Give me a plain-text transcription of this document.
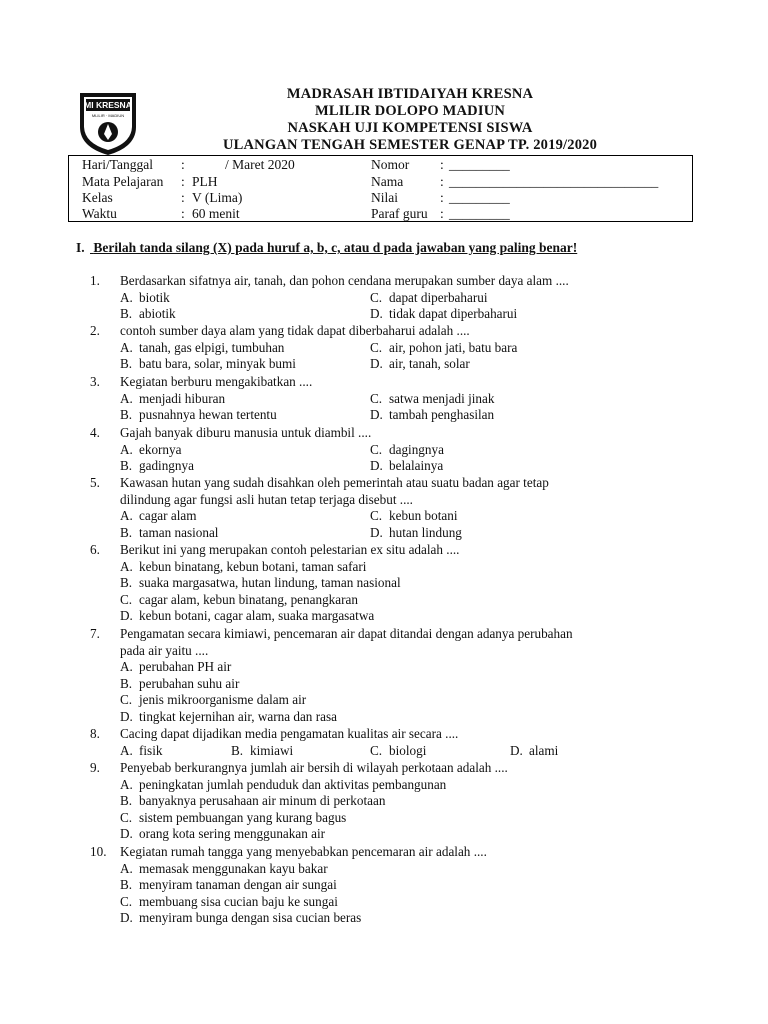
MI KRESNA
MLILIR · MADIUN
MADRASAH IBTIDAIYAH KRESNA
MLILIR DOLOPO MADIUN
NASKAH UJI KOMPETENSI SISWA
ULANGAN TENGAH SEMESTER GENAP TP. 2019/2020
Hari/Tanggal :	/ Maret 2020	Nomor : _________
Mata Pelajaran : PLH	Nama	: _______________________________
Kelas	: V (Lima)	Nilai	: _________
Waktu	: 60 menit	Paraf guru : _________
I. Berilah tanda silang (X) pada huruf a, b, c, atau d pada jawaban yang paling benar!
1.	Berdasarkan sifatnya air, tanah, dan pohon cendana merupakan sumber daya alam ....
A. biotik	C. dapat diperbaharui
B. abiotik	D. tidak dapat diperbaharui
2.	contoh sumber daya alam yang tidak dapat diberbaharui adalah ....
A. tanah, gas elpigi, tumbuhan	C. air, pohon jati, batu bara
B. batu bara, solar, minyak bumi	D. air, tanah, solar
3.	Kegiatan berburu mengakibatkan ....
A. menjadi hiburan	C. satwa menjadi jinak
B. pusnahnya hewan tertentu	D. tambah penghasilan
4.	Gajah banyak diburu manusia untuk diambil ....
A. ekornya	C. dagingnya
B. gadingnya	D. belalainya
5.	Kawasan hutan yang sudah disahkan oleh pemerintah atau suatu badan agar tetap
dilindung agar fungsi asli hutan tetap terjaga disebut ....
A. cagar alam	C. kebun botani
B. taman nasional	D. hutan lindung
6.	Berikut ini yang merupakan contoh pelestarian ex situ adalah ....
A. kebun binatang, kebun botani, taman safari
B. suaka margasatwa, hutan lindung, taman nasional
C. cagar alam, kebun binatang, penangkaran
D. kebun botani, cagar alam, suaka margasatwa
7.	Pengamatan secara kimiawi, pencemaran air dapat ditandai dengan adanya perubahan
pada air yaitu ....
A. perubahan PH air
B. perubahan suhu air
C. jenis mikroorganisme dalam air
D. tingkat kejernihan air, warna dan rasa
8.	Cacing dapat dijadikan media pengamatan kualitas air secara ....
A. fisik	B. kimiawi	C. biologi	D. alami
9.	Penyebab berkurangnya jumlah air bersih di wilayah perkotaan adalah ....
A. peningkatan jumlah penduduk dan aktivitas pembangunan
B. banyaknya perusahaan air minum di perkotaan
C. sistem pembuangan yang kurang bagus
D. orang kota sering menggunakan air
10.	Kegiatan rumah tangga yang menyebabkan pencemaran air adalah ....
A. memasak menggunakan kayu bakar
B. menyiram tanaman dengan air sungai
C. membuang sisa cucian baju ke sungai
D. menyiram bunga dengan sisa cucian beras
